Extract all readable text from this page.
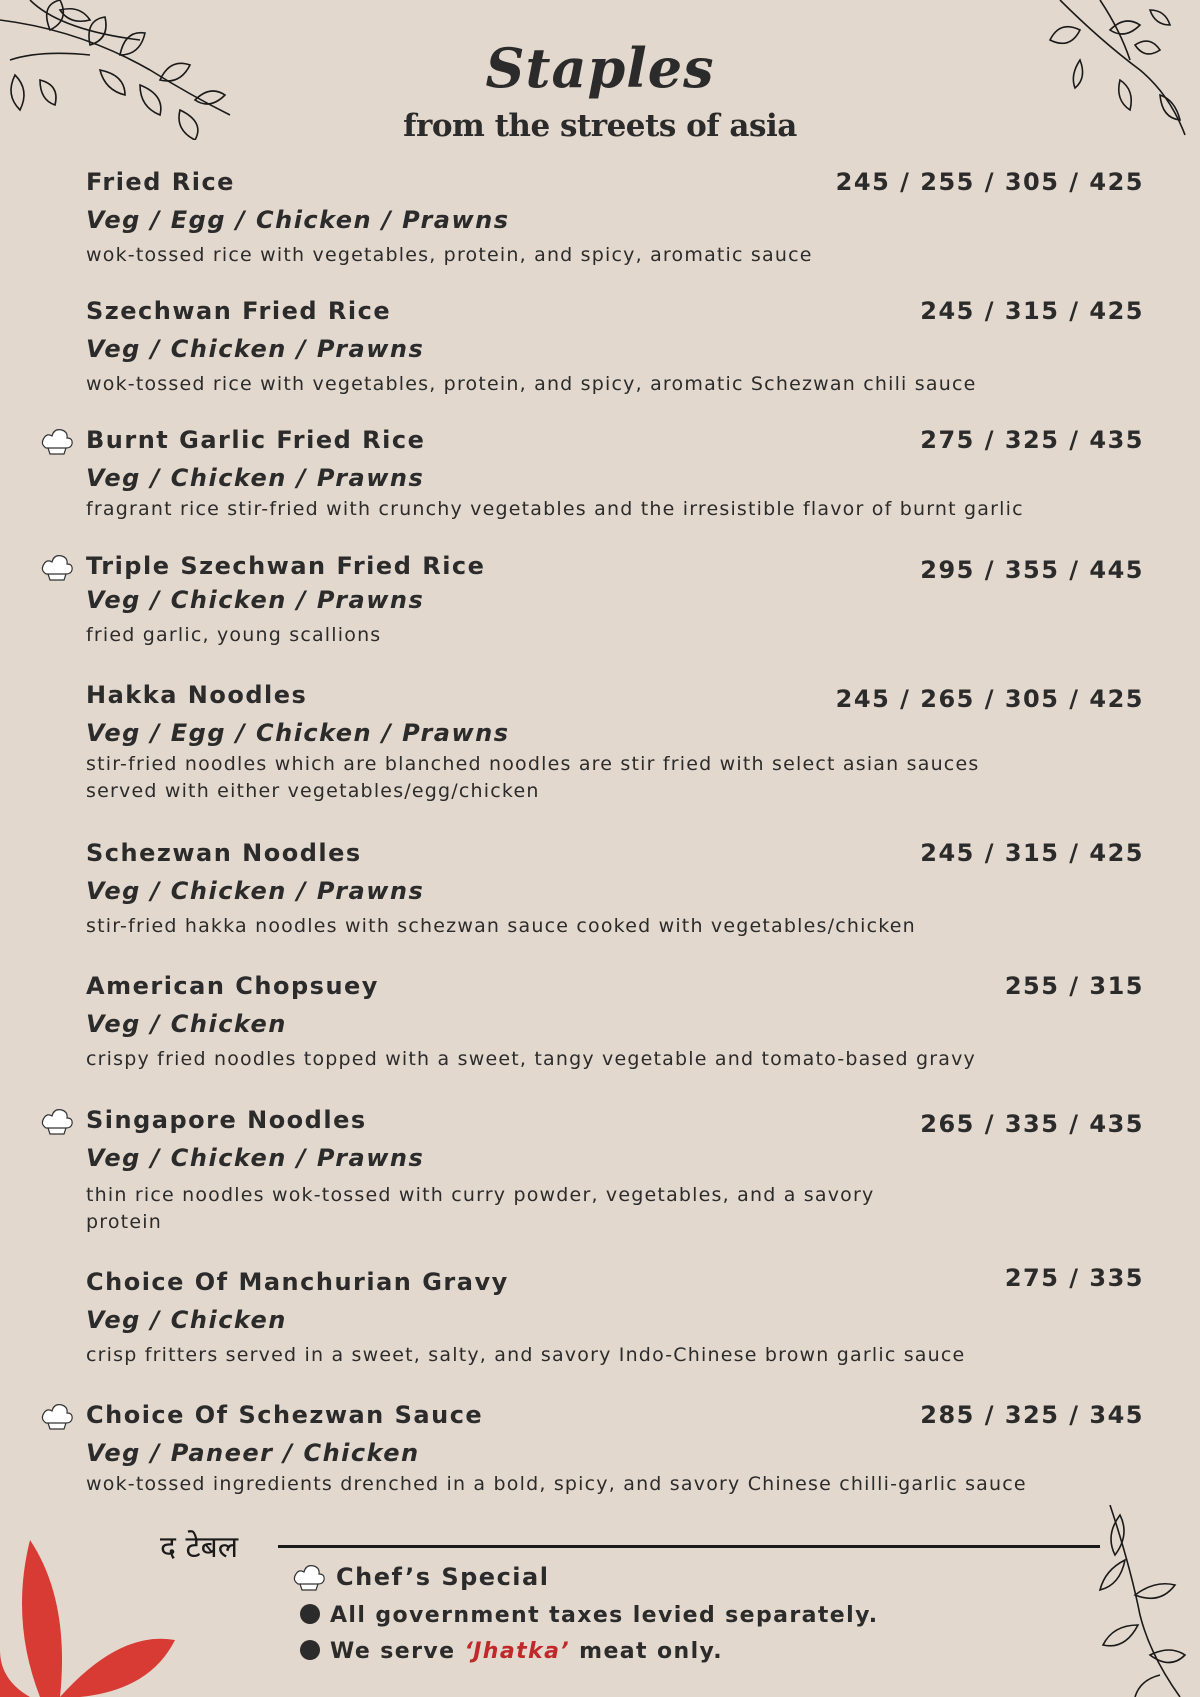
Staples
from the streets of asia
Fried Rice	245 / 255 / 305 / 425
Veg / Egg / Chicken / Prawns
wok-tossed rice with vegetables, protein, and spicy, aromatic sauce
Szechwan Fried Rice	245 / 315 / 425
Veg / Chicken / Prawns
wok-tossed rice with vegetables, protein, and spicy, aromatic Schezwan chili sauce
Burnt Garlic Fried Rice	275 / 325 / 435
Veg / Chicken / Prawns
fragrant rice stir-fried with crunchy vegetables and the irresistible flavor of burnt garlic
Triple Szechwan Fried Rice	295 / 355 / 445
Veg / Chicken / Prawns
fried garlic, young scallions
Hakka Noodles	245 / 265 / 305 / 425
Veg / Egg / Chicken / Prawns
stir-fried noodles which are blanched noodles are stir fried with select asian sauces
served with either vegetables/egg/chicken
Schezwan Noodles	245 / 315 / 425
Veg / Chicken / Prawns
stir-fried hakka noodles with schezwan sauce cooked with vegetables/chicken
American Chopsuey	255 / 315
Veg / Chicken
crispy fried noodles topped with a sweet, tangy vegetable and tomato-based gravy
Singapore Noodles	265 / 335 / 435
Veg / Chicken / Prawns
thin rice noodles wok-tossed with curry powder, vegetables, and a savory
protein
Choice Of Manchurian Gravy	275 / 335
Veg / Chicken
crisp fritters served in a sweet, salty, and savory Indo-Chinese brown garlic sauce
Choice Of Schezwan Sauce	285 / 325 / 345
Veg / Paneer / Chicken
wok-tossed ingredients drenched in a bold, spicy, and savory Chinese chilli-garlic sauce
द टेबल
Chef’s Special
All government taxes levied separately.
We serve ‘Jhatka’ meat only.
